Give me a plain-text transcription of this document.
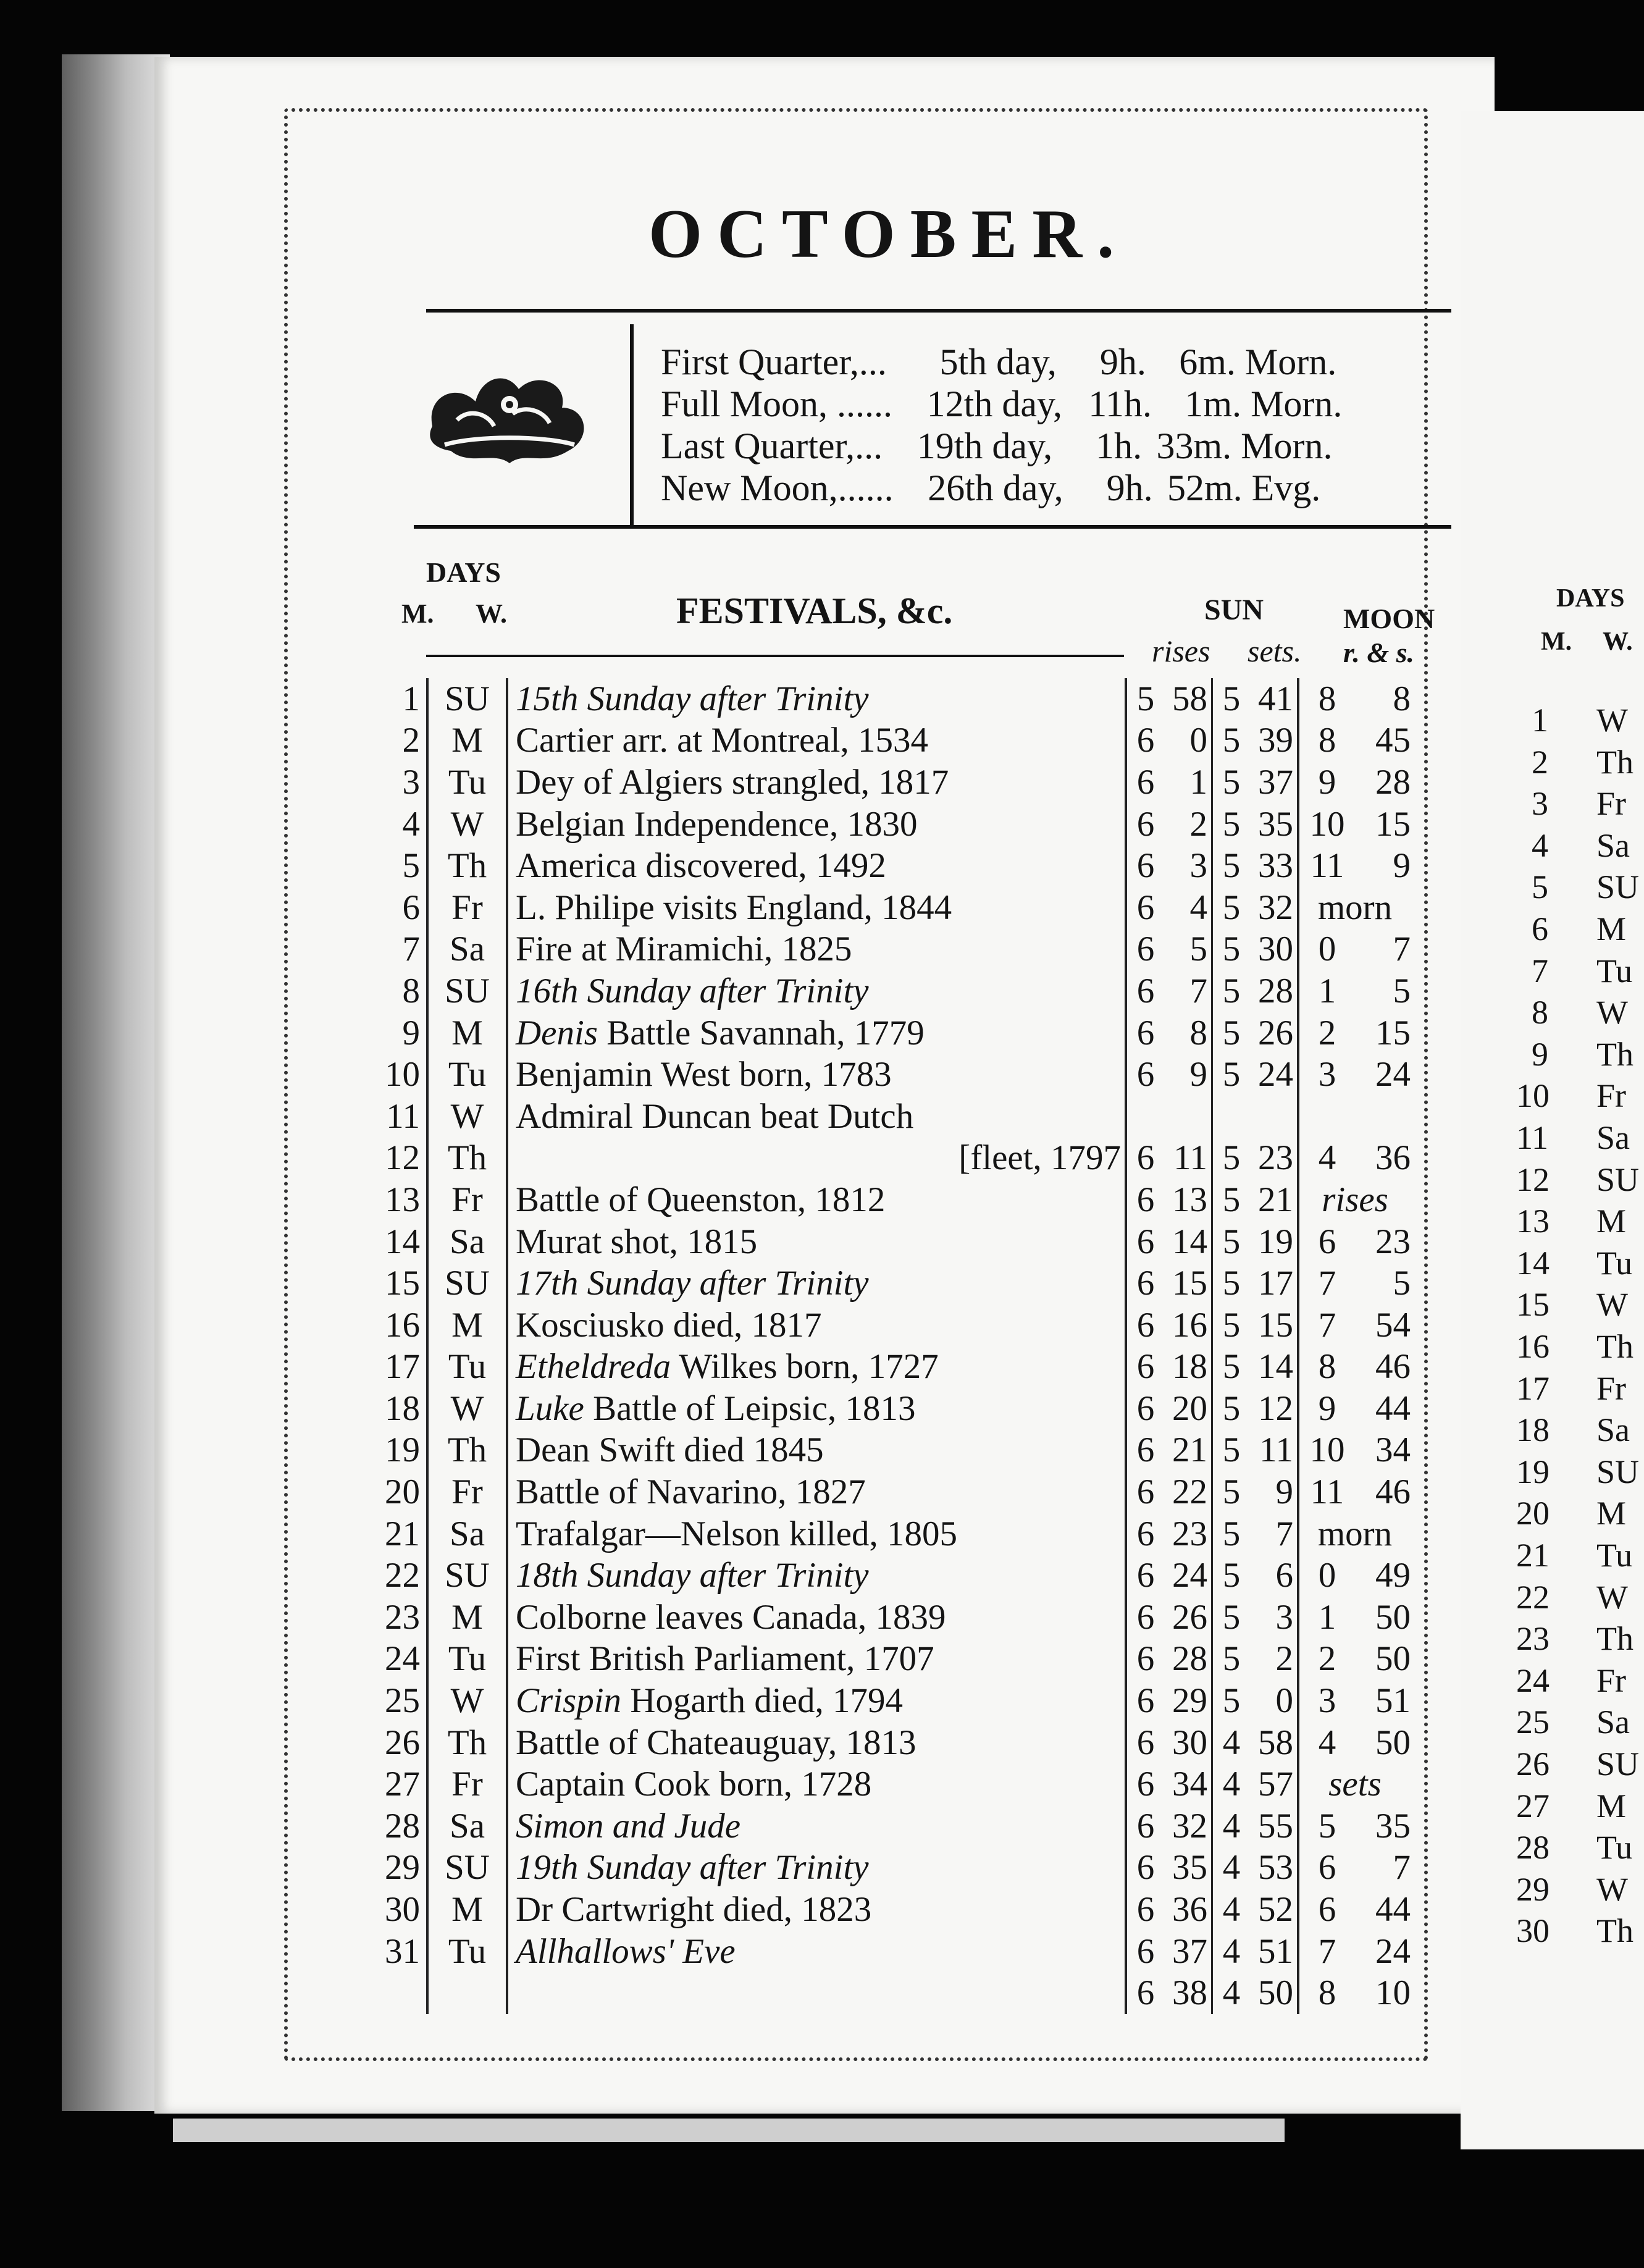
OCTOBER.
First Quarter,... 5th day, 9h. 6m. Morn.
Full Moon, ...... 12th day, 11h. 1m. Morn.
Last Quarter,... 19th day, 1h. 33m. Morn.
New Moon,...... 26th day, 9h. 52m. Evg.
DAYS
M. W.	FESTIVALS, &c.	SUN
rises sets.
MOON
r. & s.
1	SU	15th Sunday after Trinity	5	58	5	41	8	8
2	M	Cartier arr. at Montreal, 1534	6	0	5	39	8	45
3	Tu	Dey of Algiers strangled, 1817	6	1	5	37	9	28
4	W	Belgian Independence, 1830	6	2	5	35	10	15
5	Th	America discovered, 1492	6	3	5	33	11	9
6	Fr	L. Philipe visits England, 1844	6	4	5	32	morn	
7	Sa	Fire at Miramichi, 1825	6	5	5	30	0	7
8	SU	16th Sunday after Trinity	6	7	5	28	1	5
9	M	Denis Battle Savannah, 1779	6	8	5	26	2	15
10	Tu	Benjamin West born, 1783	6	9	5	24	3	24
11	W	Admiral Duncan beat Dutch						
12	Th	[fleet, 1797	6	11	5	23	4	36
13	Fr	Battle of Queenston, 1812	6	13	5	21	rises	
14	Sa	Murat shot, 1815	6	14	5	19	6	23
15	SU	17th Sunday after Trinity	6	15	5	17	7	5
16	M	Kosciusko died, 1817	6	16	5	15	7	54
17	Tu	Etheldreda Wilkes born, 1727	6	18	5	14	8	46
18	W	Luke Battle of Leipsic, 1813	6	20	5	12	9	44
19	Th	Dean Swift died 1845	6	21	5	11	10	34
20	Fr	Battle of Navarino, 1827	6	22	5	9	11	46
21	Sa	Trafalgar—Nelson killed, 1805	6	23	5	7	morn	
22	SU	18th Sunday after Trinity	6	24	5	6	0	49
23	M	Colborne leaves Canada, 1839	6	26	5	3	1	50
24	Tu	First British Parliament, 1707	6	28	5	2	2	50
25	W	Crispin Hogarth died, 1794	6	29	5	0	3	51
26	Th	Battle of Chateauguay, 1813	6	30	4	58	4	50
27	Fr	Captain Cook born, 1728	6	34	4	57	sets	
28	Sa	Simon and Jude	6	32	4	55	5	35
29	SU	19th Sunday after Trinity	6	35	4	53	6	7
30	M	Dr Cartwright died, 1823	6	36	4	52	6	44
31	Tu	Allhallows' Eve	6	37	4	51	7	24
			6	38	4	50	8	10
DAYS
M. W.
1 W
2 Th
3 Fr
4 Sa
5 SU
6 M
7 Tu
8 W
9 Th
10 Fr
11 Sa
12 SU
13 M
14 Tu
15 W
16 Th
17 Fr
18 Sa
19 SU
20 M
21 Tu
22 W
23 Th
24 Fr
25 Sa
26 SU
27 M
28 Tu
29 W
30 Th
